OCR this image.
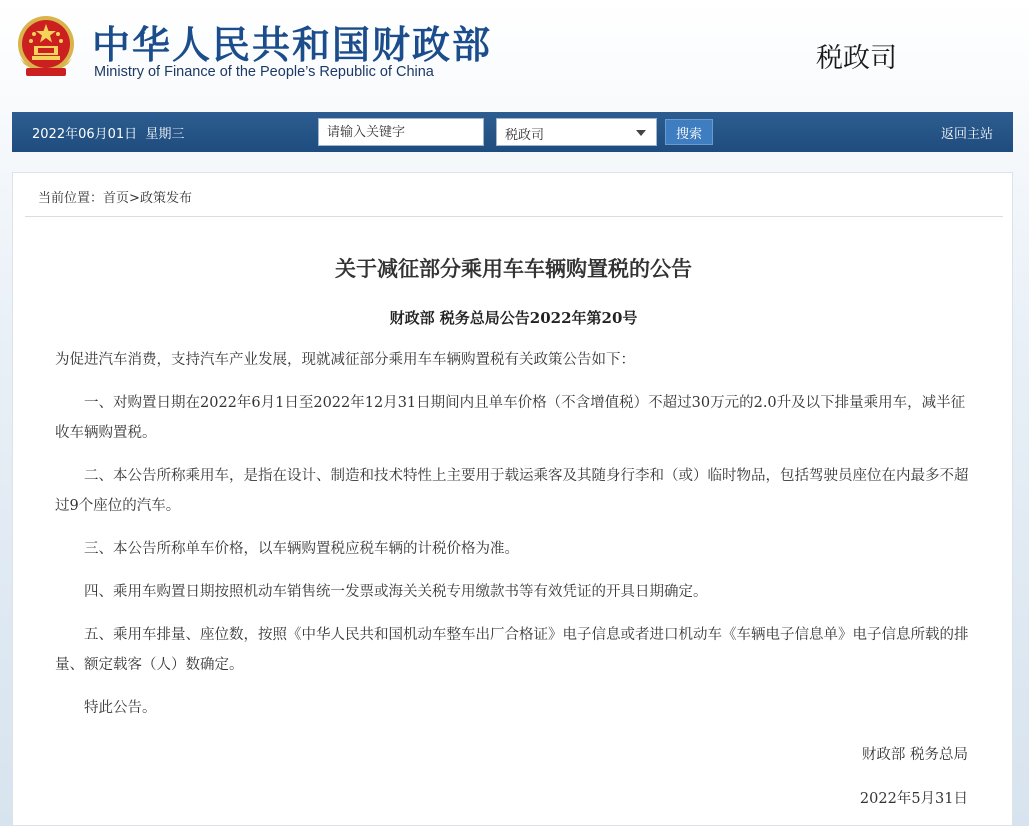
中华人民共和国财政部
Ministry of Finance of the People’s Republic of China	税政司
2022年06月01日 星期三
请输入关键字	税政司	搜索	返回主站
当前位置：首页>政策发布
关于减征部分乘用车车辆购置税的公告
财政部 税务总局公告2022年第20号

为促进汽车消费，支持汽车产业发展，现就减征部分乘用车车辆购置税有关政策公告如下：

一、对购置日期在2022年6月1日至2022年12月31日期间内且单车价格（不含增值税）不超过30万元的2.0升及以下排量乘用车，减半征收车辆购置税。

二、本公告所称乘用车，是指在设计、制造和技术特性上主要用于载运乘客及其随身行李和（或）临时物品，包括驾驶员座位在内最多不超过9个座位的汽车。

三、本公告所称单车价格，以车辆购置税应税车辆的计税价格为准。

四、乘用车购置日期按照机动车销售统一发票或海关关税专用缴款书等有效凭证的开具日期确定。

五、乘用车排量、座位数，按照《中华人民共和国机动车整车出厂合格证》电子信息或者进口机动车《车辆电子信息单》电子信息所载的排量、额定载客（人）数确定。

特此公告。

财政部 税务总局
2022年5月31日
